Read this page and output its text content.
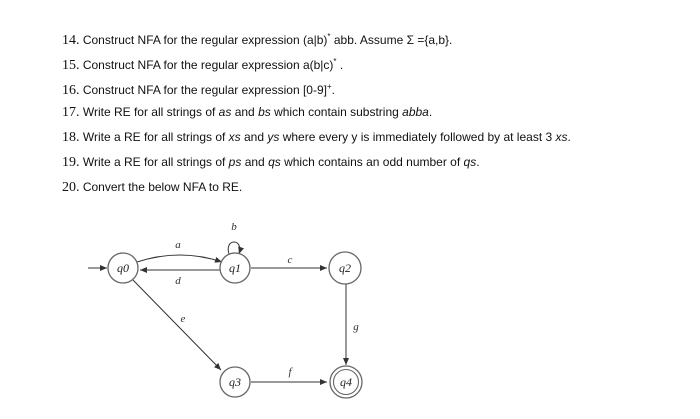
14. Construct NFA for the regular expression (a|b)* abb. Assume Σ ={a,b}.
15. Construct NFA for the regular expression a(b|c)* .
16. Construct NFA for the regular expression [0-9]+.
17. Write RE for all strings of as and bs which contain substring abba.
18. Write a RE for all strings of xs and ys where every y is immediately followed by at least 3 xs.
19. Write a RE for all strings of ps and qs which contains an odd number of qs.
20. Convert the below NFA to RE.
a
d
b
c
g
e
f
q0	q1	q2
q3	q4
